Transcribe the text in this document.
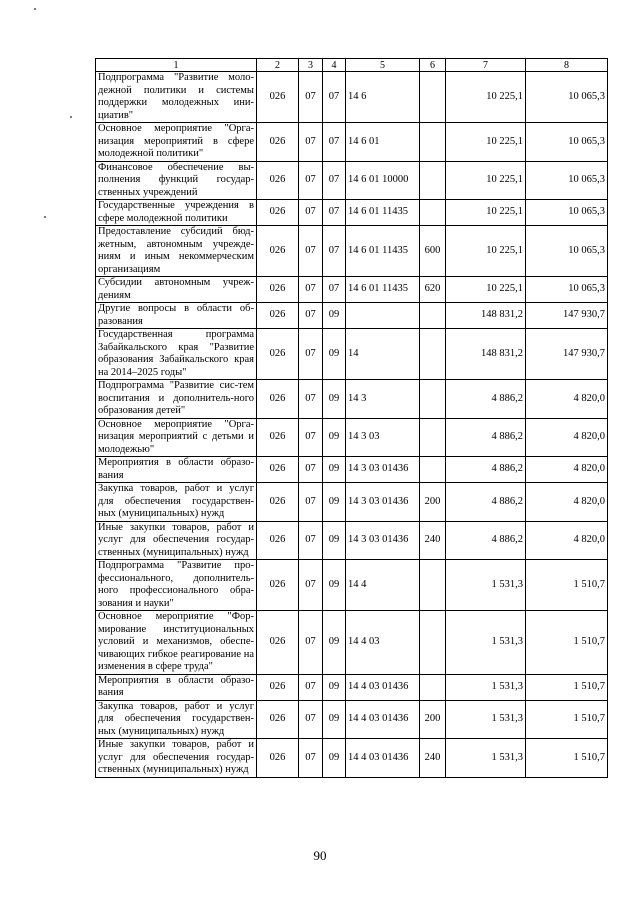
1	2	3	4	5	6	7	8
Подпрограмма "Развитие моло-дежной политики и системы поддержки молодежных ини-циатив"	026	07	07	14 6		10 225,1	10 065,3
Основное мероприятие "Орга-низация мероприятий в сфере молодежной политики"	026	07	07	14 6 01		10 225,1	10 065,3
Финансовое обеспечение вы-полнения функций государ-ственных учреждений	026	07	07	14 6 01 10000		10 225,1	10 065,3
Государственные учреждения в сфере молодежной политики	026	07	07	14 6 01 11435		10 225,1	10 065,3
Предоставление субсидий бюд-жетным, автономным учрежде-ниям и иным некоммерческим организациям	026	07	07	14 6 01 11435	600	10 225,1	10 065,3
Субсидии автономным учреж-дениям	026	07	07	14 6 01 11435	620	10 225,1	10 065,3
Другие вопросы в области об-разования	026	07	09			148 831,2	147 930,7
Государственная программа Забайкальского края "Развитие образования Забайкальского края на 2014–2025 годы"	026	07	09	14		148 831,2	147 930,7
Подпрограмма "Развитие сис-тем воспитания и дополнитель-ного образования детей"	026	07	09	14 3		4 886,2	4 820,0
Основное мероприятие "Орга-низация мероприятий с детьми и молодежью"	026	07	09	14 3 03		4 886,2	4 820,0
Мероприятия в области образо-вания	026	07	09	14 3 03 01436		4 886,2	4 820,0
Закупка товаров, работ и услуг для обеспечения государствен-ных (муниципальных) нужд	026	07	09	14 3 03 01436	200	4 886,2	4 820,0
Иные закупки товаров, работ и услуг для обеспечения государ-ственных (муниципальных) нужд	026	07	09	14 3 03 01436	240	4 886,2	4 820,0
Подпрограмма "Развитие про-фессионального, дополнитель-ного профессионального обра-зования и науки"	026	07	09	14 4		1 531,3	1 510,7
Основное мероприятие "Фор-мирование институциональных условий и механизмов, обеспе-чивающих гибкое реагирование на изменения в сфере труда"	026	07	09	14 4 03		1 531,3	1 510,7
Мероприятия в области образо-вания	026	07	09	14 4 03 01436		1 531,3	1 510,7
Закупка товаров, работ и услуг для обеспечения государствен-ных (муниципальных) нужд	026	07	09	14 4 03 01436	200	1 531,3	1 510,7
Иные закупки товаров, работ и услуг для обеспечения государ-ственных (муниципальных) нужд	026	07	09	14 4 03 01436	240	1 531,3	1 510,7
90
